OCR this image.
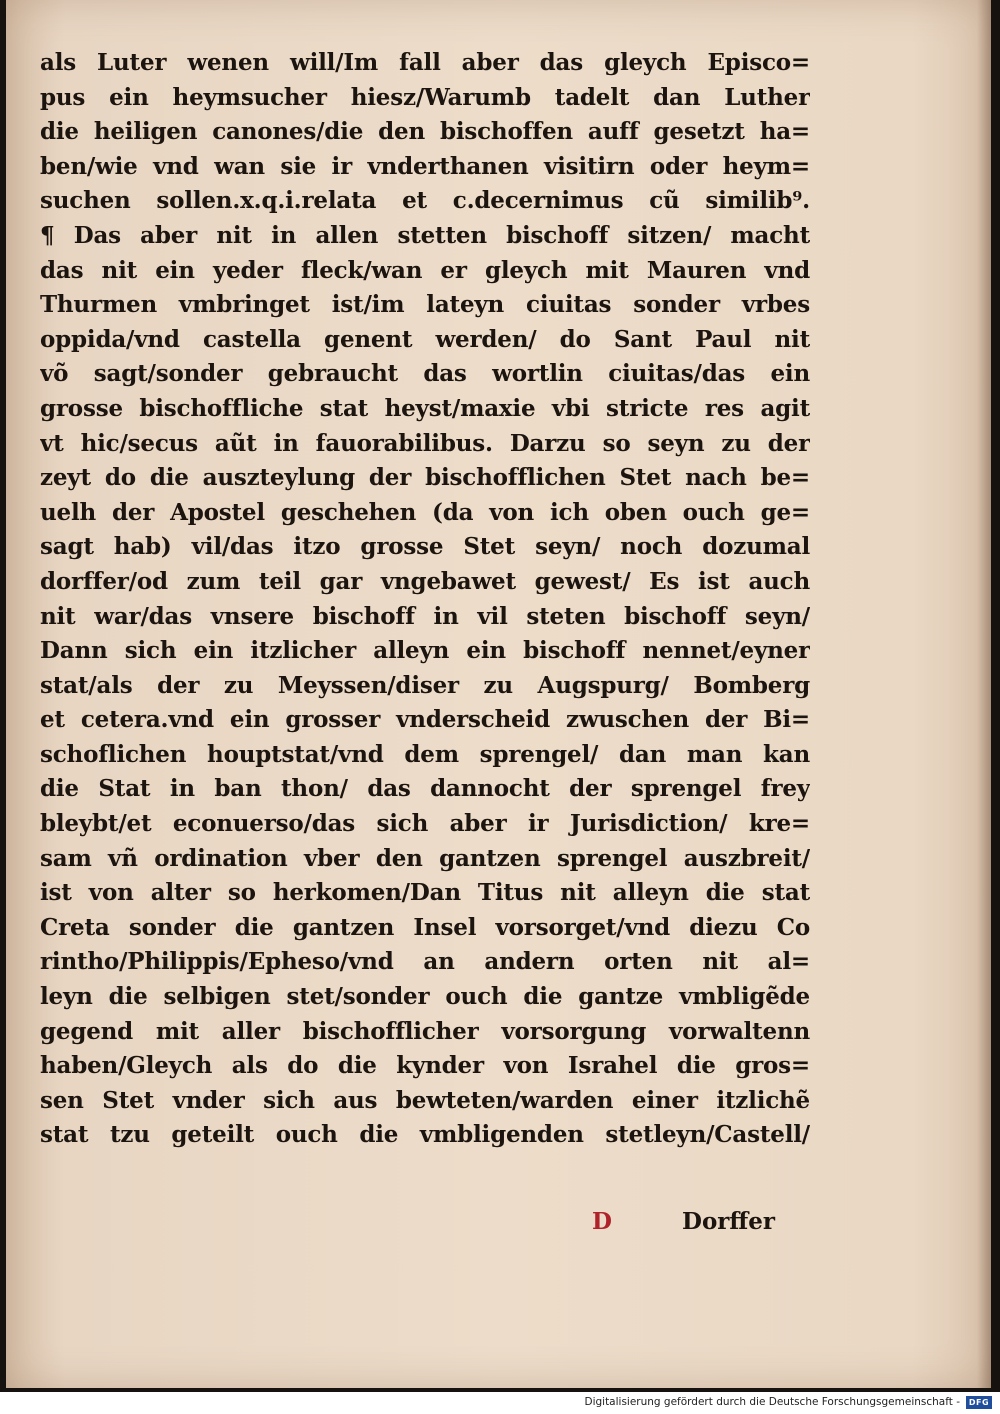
als Luter wenen will/Im fall aber das gleych Episco=
pus ein heymsucher hiesz/Warumb tadelt dan Luther
die heiligen canones/die den bischoffen auff gesetzt ha=
ben/wie vnd wan sie ir vnderthanen visitirn oder heym=
suchen sollen.x.q.i.relata et c.decernimus cũ similib⁹.
¶ Das aber nit in allen stetten bischoff sitzen/ macht
das nit ein yeder fleck/wan er gleych mit Mauren vnd
Thurmen vmbringet ist/im lateyn ciuitas sonder vrbes
oppida/vnd castella genent werden/ do Sant Paul nit
võ sagt/sonder gebraucht das wortlin ciuitas/das ein
grosse bischoffliche stat heyst/maxie vbi stricte res agit
vt hic/secus aũt in fauorabilibus. Darzu so seyn zu der
zeyt do die auszteylung der bischofflichen Stet nach be=
uelh der Apostel geschehen (da von ich oben ouch ge=
sagt hab) vil/das itzo grosse Stet seyn/ noch dozumal
dorffer/od zum teil gar vngebawet gewest/ Es ist auch
nit war/das vnsere bischoff in vil steten bischoff seyn/
Dann sich ein itzlicher alleyn ein bischoff nennet/eyner
stat/als der zu Meyssen/diser zu Augspurg/ Bomberg
et cetera.vnd ein grosser vnderscheid zwuschen der Bi=
schoflichen houptstat/vnd dem sprengel/ dan man kan
die Stat in ban thon/ das dannocht der sprengel frey
bleybt/et econuerso/das sich aber ir Jurisdiction/ kre=
sam vñ ordination vber den gantzen sprengel auszbreit/
ist von alter so herkomen/Dan Titus nit alleyn die stat
Creta sonder die gantzen Insel vorsorget/vnd diezu Co
rintho/Philippis/Epheso/vnd an andern orten nit al=
leyn die selbigen stet/sonder ouch die gantze vmbligẽde
gegend mit aller bischofflicher vorsorgung vorwaltenn
haben/Gleych als do die kynder von Israhel die gros=
sen Stet vnder sich aus bewteten/warden einer itzlichẽ
stat tzu geteilt ouch die vmbligenden stetleyn/Castell/
D	Dorffer
Digitalisierung gefördert durch die Deutsche Forschungsgemeinschaft -	DFG
